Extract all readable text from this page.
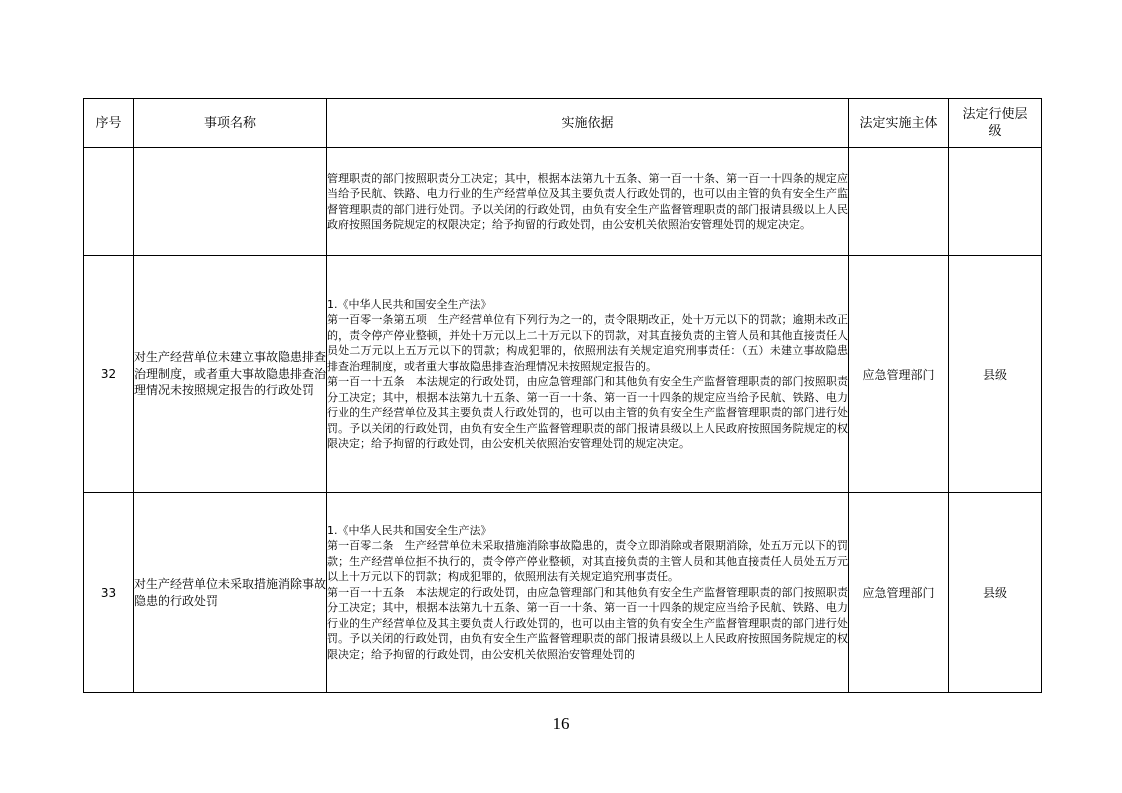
序号	事项名称	实施依据	法定实施主体	法定行使层
级

		管理职责的部门按照职责分工决定；其中，根据本法第九十五条、第一百一十条、第一百一十四条的规定应当给予民航、铁路、电力行业的生产经营单位及其主要负责人行政处罚的，也可以由主管的负有安全生产监督管理职责的部门进行处罚。予以关闭的行政处罚，由负有安全生产监督管理职责的部门报请县级以上人民政府按照国务院规定的权限决定；给予拘留的行政处罚，由公安机关依照治安管理处罚的规定决定。		

32	对生产经营单位未建立事故隐患排查治理制度，或者重大事故隐患排查治理情况未按照规定报告的行政处罚	1.《中华人民共和国安全生产法》

第一百零一条第五项　生产经营单位有下列行为之一的，责令限期改正，处十万元以下的罚款；逾期未改正的，责令停产停业整顿，并处十万元以上二十万元以下的罚款，对其直接负责的主管人员和其他直接责任人员处二万元以上五万元以下的罚款；构成犯罪的，依照刑法有关规定追究刑事责任：（五）未建立事故隐患排查治理制度，或者重大事故隐患排查治理情况未按照规定报告的。

第一百一十五条　本法规定的行政处罚，由应急管理部门和其他负有安全生产监督管理职责的部门按照职责分工决定；其中，根据本法第九十五条、第一百一十条、第一百一十四条的规定应当给予民航、铁路、电力行业的生产经营单位及其主要负责人行政处罚的，也可以由主管的负有安全生产监督管理职责的部门进行处罚。予以关闭的行政处罚，由负有安全生产监督管理职责的部门报请县级以上人民政府按照国务院规定的权限决定；给予拘留的行政处罚，由公安机关依照治安管理处罚的规定决定。	应急管理部门	县级
33	对生产经营单位未采取措施消除事故隐患的行政处罚	1.《中华人民共和国安全生产法》

第一百零二条　生产经营单位未采取措施消除事故隐患的，责令立即消除或者限期消除，处五万元以下的罚款；生产经营单位拒不执行的，责令停产停业整顿，对其直接负责的主管人员和其他直接责任人员处五万元以上十万元以下的罚款；构成犯罪的，依照刑法有关规定追究刑事责任。

第一百一十五条　本法规定的行政处罚，由应急管理部门和其他负有安全生产监督管理职责的部门按照职责分工决定；其中，根据本法第九十五条、第一百一十条、第一百一十四条的规定应当给予民航、铁路、电力行业的生产经营单位及其主要负责人行政处罚的，也可以由主管的负有安全生产监督管理职责的部门进行处罚。予以关闭的行政处罚，由负有安全生产监督管理职责的部门报请县级以上人民政府按照国务院规定的权限决定；给予拘留的行政处罚，由公安机关依照治安管理处罚的	应急管理部门	县级
16
